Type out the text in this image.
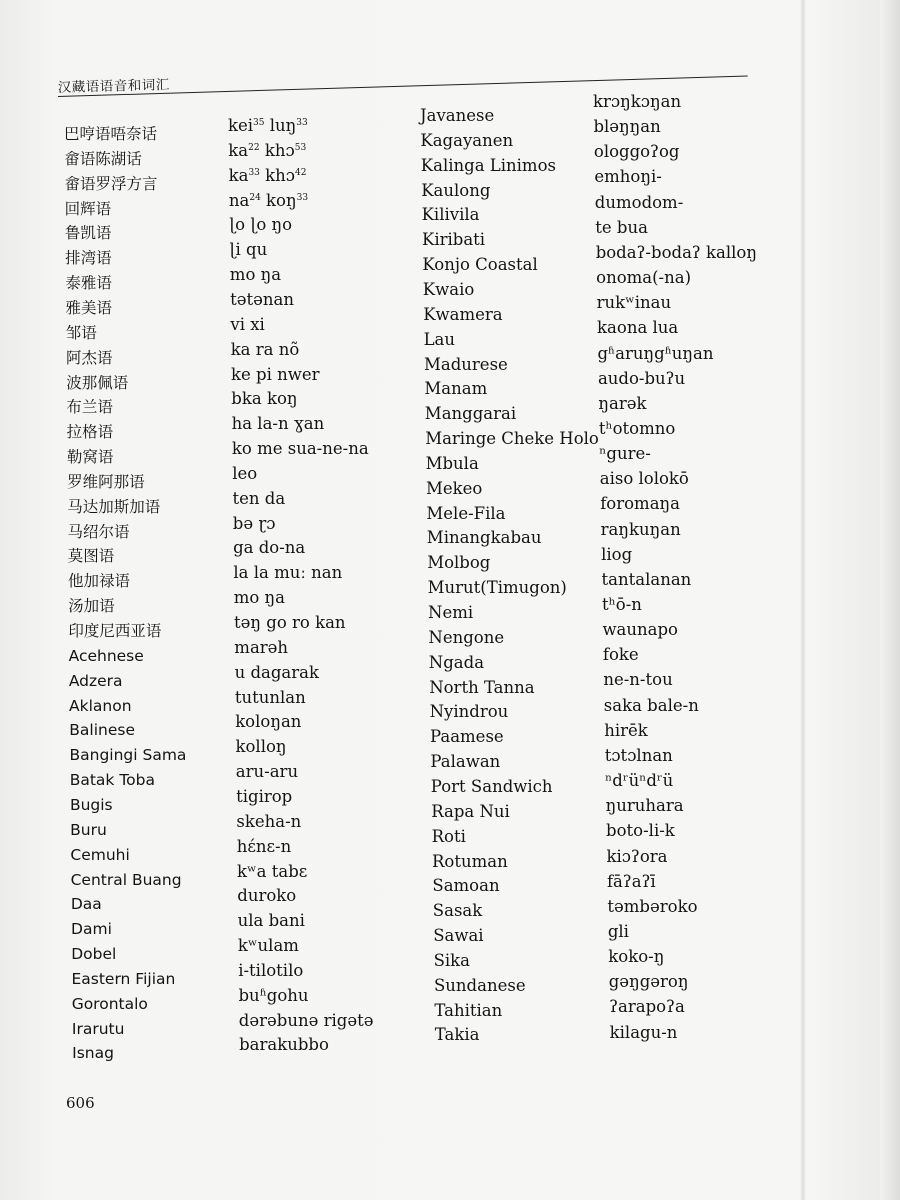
汉藏语语音和词汇
巴哼语唔奈话
畲语陈湖话
畲语罗浮方言
回辉语
鲁凯语
排湾语
泰雅语
雅美语
邹语
阿杰语
波那佩语
布兰语
拉格语
勒窝语
罗维阿那语
马达加斯加语
马绍尔语
莫图语
他加禄语
汤加语
印度尼西亚语
Acehnese
Adzera
Aklanon
Balinese
Bangingi Sama
Batak Toba
Bugis
Buru
Cemuhi
Central Buang
Daa
Dami
Dobel
Eastern Fijian
Gorontalo
Irarutu
Isnag
kei$^{35}$ luŋ$^{33}$
$ka^{22}$ khɔ$^{53}$
$ka^{33}$ khɔ$^{42}$
$na^{24}$ koŋ$^{33}$
ɭo ɭo ŋo
ɭi qu
mo ŋa
tətənan
vi xi
ka ra nõ
ke pi nwer
bka koŋ
ha la-n ɣan
ko me sua-ne-na
leo
ten da
bə ɽɔ
ga do-na
la la muː nan
mo ŋa
təŋ go ro kan
marəh
u dagarak
tutunlan
koloŋan
kolloŋ
aru-aru
tigirop
skeha-n
hɛ́nɛ-n
kʷa tabɛ
duroko
ula bani
kʷulam
i-tilotilo
buʱgohu
dərəbunə rigətə
barakubbo
Javanese
Kagayanen
Kalinga Linimos
Kaulong
Kilivila
Kiribati
Konjo Coastal
Kwaio
Kwamera
Lau
Madurese
Manam
Manggarai
Maringe Cheke Holo
Mbula
Mekeo
Mele-Fila
Minangkabau
Molbog
Murut(Timugon)
Nemi
Nengone
Ngada
North Tanna
Nyindrou
Paamese
Palawan
Port Sandwich
Rapa Nui
Roti
Rotuman
Samoan
Sasak
Sawai
Sika
Sundanese
Tahitian
Takia
krɔŋkɔŋan
bləŋŋan
ologgoʔog
emhoŋi-
dumodom-
te bua
bodaʔ-bodaʔ kalloŋ
onoma(-na)
rukʷinau
kaona lua
gʱaruŋgʱuŋan
audo-buʔu
ŋarək
tʰotomno
ⁿgure-
aiso lolokō
foromaŋa
raŋkuŋan
liog
tantalanan
tʰō-n
waunapo
foke
ne-n-tou
saka bale-n
hirēk
tɔtɔlnan
ⁿdʳüⁿdʳü
ŋuruhara
boto-li-k
kiɔʔora
fāʔaʔī
təmbəroko
gli
koko-ŋ
gəŋgəroŋ
ʔarapoʔa
kilagu-n
606
